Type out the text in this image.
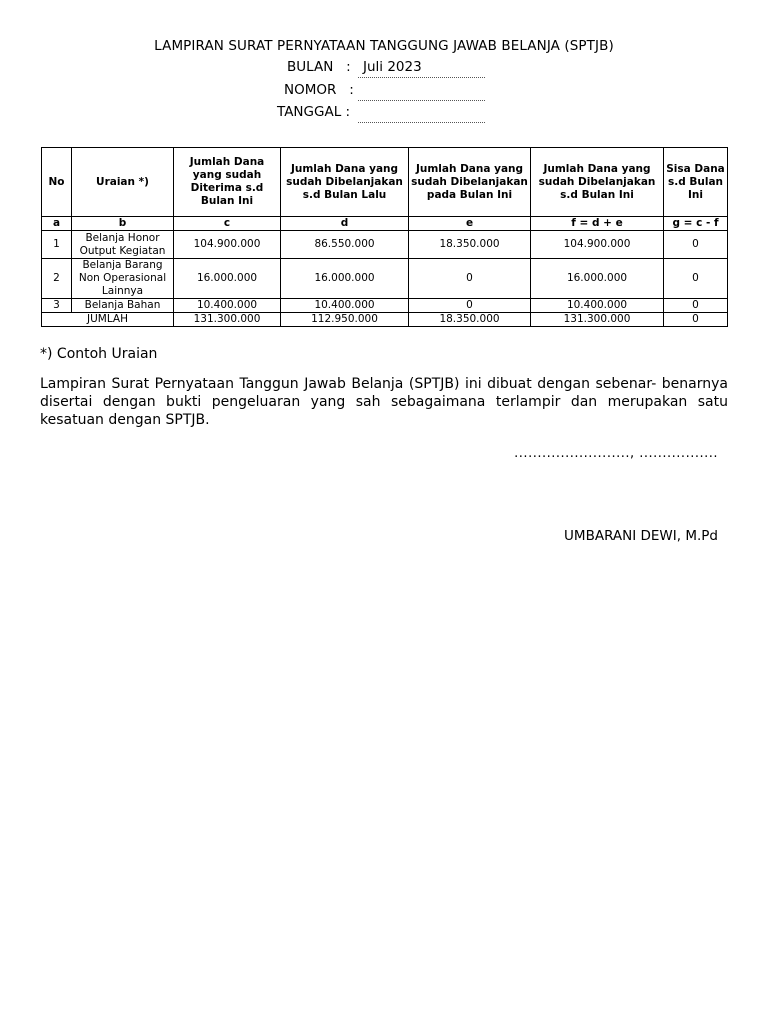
LAMPIRAN SURAT PERNYATAAN TANGGUNG JAWAB BELANJA (SPTJB)
BULAN   : Juli 2023
NOMOR   :
TANGGAL :
No	Uraian *)	Jumlah Dana yang sudah Diterima s.d Bulan Ini	Jumlah Dana yang sudah Dibelanjakan s.d Bulan Lalu	Jumlah Dana yang sudah Dibelanjakan pada Bulan Ini	Jumlah Dana yang sudah Dibelanjakan s.d Bulan Ini	Sisa Dana s.d Bulan Ini
a	b	c	d	e	f = d + e	g = c - f
1	Belanja Honor Output Kegiatan	104.900.000	86.550.000	18.350.000	104.900.000	0
2	Belanja Barang Non Operasional Lainnya	16.000.000	16.000.000	0	16.000.000	0
3	Belanja Bahan	10.400.000	10.400.000	0	10.400.000	0
JUMLAH		131.300.000	112.950.000	18.350.000	131.300.000	0
*) Contoh Uraian
Lampiran Surat Pernyataan Tanggun Jawab Belanja (SPTJB) ini dibuat dengan sebenar- benarnya disertai dengan bukti pengeluaran yang sah sebagaimana terlampir dan merupakan satu kesatuan dengan SPTJB.
........................., .................
UMBARANI DEWI, M.Pd
